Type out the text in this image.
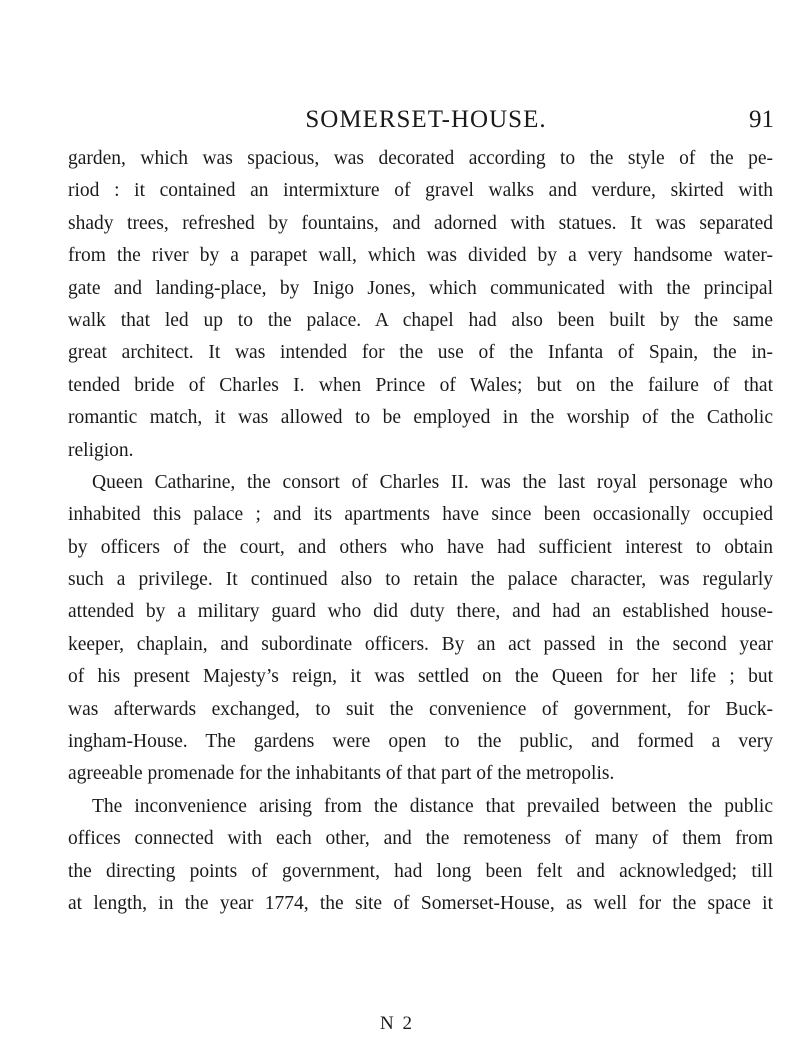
SOMERSET-HOUSE.	91
garden, which was spacious, was decorated according to the style of the pe-
riod : it contained an intermixture of gravel walks and verdure, skirted with
shady trees, refreshed by fountains, and adorned with statues. It was separated
from the river by a parapet wall, which was divided by a very handsome water-
gate and landing-place, by Inigo Jones, which communicated with the principal
walk that led up to the palace. A chapel had also been built by the same
great architect. It was intended for the use of the Infanta of Spain, the in-
tended bride of Charles I. when Prince of Wales; but on the failure of that
romantic match, it was allowed to be employed in the worship of the Catholic
religion.
Queen Catharine, the consort of Charles II. was the last royal personage who
inhabited this palace ; and its apartments have since been occasionally occupied
by officers of the court, and others who have had sufficient interest to obtain
such a privilege. It continued also to retain the palace character, was regularly
attended by a military guard who did duty there, and had an established house-
keeper, chaplain, and subordinate officers. By an act passed in the second year
of his present Majesty’s reign, it was settled on the Queen for her life ; but
was afterwards exchanged, to suit the convenience of government, for Buck-
ingham-House. The gardens were open to the public, and formed a very
agreeable promenade for the inhabitants of that part of the metropolis.
The inconvenience arising from the distance that prevailed between the public
offices connected with each other, and the remoteness of many of them from
the directing points of government, had long been felt and acknowledged; till
at length, in the year 1774, the site of Somerset-House, as well for the space it
N 2
